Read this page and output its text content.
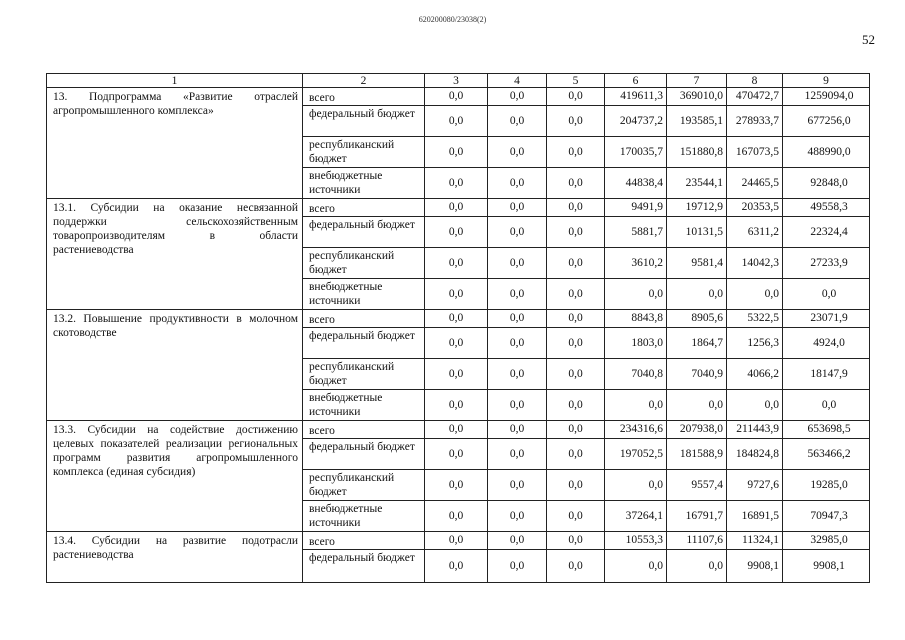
620200080/23038(2)
52
1	2	3	4	5	6	7	8	9
13. Подпрограмма «Развитие отраслей агропромышленного комплекса»	всего	0,0	0,0	0,0	419611,3	369010,0	470472,7	1259094,0
	федеральный бюджет	0,0	0,0	0,0	204737,2	193585,1	278933,7	677256,0
	республиканский бюджет	0,0	0,0	0,0	170035,7	151880,8	167073,5	488990,0
	внебюджетные источники	0,0	0,0	0,0	44838,4	23544,1	24465,5	92848,0
13.1. Субсидии на оказание несвязанной поддержки сельскохозяйственным товаропроизводителям в области растениеводства	всего	0,0	0,0	0,0	9491,9	19712,9	20353,5	49558,3
	федеральный бюджет	0,0	0,0	0,0	5881,7	10131,5	6311,2	22324,4
	республиканский бюджет	0,0	0,0	0,0	3610,2	9581,4	14042,3	27233,9
	внебюджетные источники	0,0	0,0	0,0	0,0	0,0	0,0	0,0
13.2. Повышение продуктивности в молочном скотоводстве	всего	0,0	0,0	0,0	8843,8	8905,6	5322,5	23071,9
	федеральный бюджет	0,0	0,0	0,0	1803,0	1864,7	1256,3	4924,0
	республиканский бюджет	0,0	0,0	0,0	7040,8	7040,9	4066,2	18147,9
	внебюджетные источники	0,0	0,0	0,0	0,0	0,0	0,0	0,0
13.3. Субсидии на содействие достижению целевых показателей реализации региональных программ развития агропромышленного комплекса (единая субсидия)	всего	0,0	0,0	0,0	234316,6	207938,0	211443,9	653698,5
	федеральный бюджет	0,0	0,0	0,0	197052,5	181588,9	184824,8	563466,2
	республиканский бюджет	0,0	0,0	0,0	0,0	9557,4	9727,6	19285,0
	внебюджетные источники	0,0	0,0	0,0	37264,1	16791,7	16891,5	70947,3
13.4. Субсидии на развитие подотрасли растениеводства	всего	0,0	0,0	0,0	10553,3	11107,6	11324,1	32985,0
	федеральный бюджет	0,0	0,0	0,0	0,0	0,0	9908,1	9908,1
